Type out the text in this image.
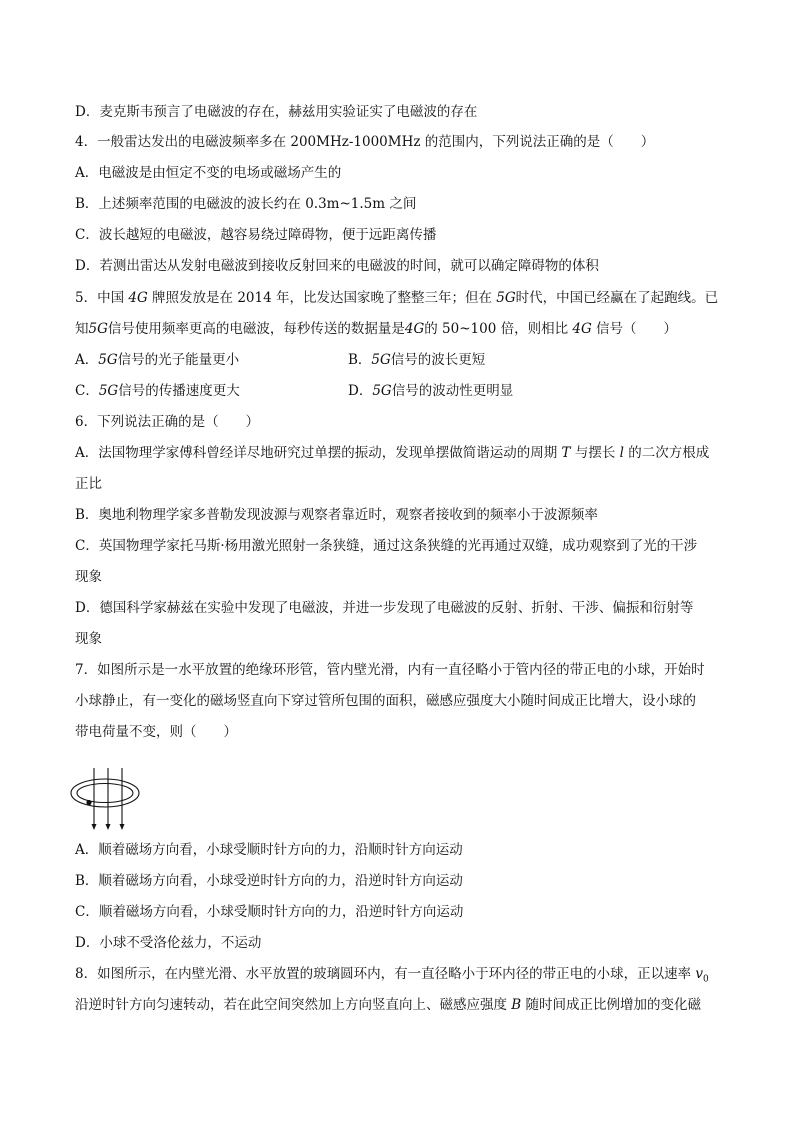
D．麦克斯韦预言了电磁波的存在，赫兹用实验证实了电磁波的存在
4．一般雷达发出的电磁波频率多在 200MHz-1000MHz 的范围内，下列说法正确的是（　　）
A．电磁波是由恒定不变的电场或磁场产生的
B．上述频率范围的电磁波的波长约在 0.3m~1.5m 之间
C．波长越短的电磁波，越容易绕过障碍物，便于远距离传播
D．若测出雷达从发射电磁波到接收反射回来的电磁波的时间，就可以确定障碍物的体积
5．中国 4G 牌照发放是在 2014 年，比发达国家晚了整整三年；但在 5G时代，中国已经赢在了起跑线。已
知5G信号使用频率更高的电磁波，每秒传送的数据量是4G的 50~100 倍，则相比 4G 信号（　　）
A．5G信号的光子能量更小	B．5G信号的波长更短
C．5G信号的传播速度更大	D．5G信号的波动性更明显
6．下列说法正确的是（　　）
A．法国物理学家傅科曾经详尽地研究过单摆的振动，发现单摆做简谐运动的周期 T 与摆长 l 的二次方根成
正比
B．奥地利物理学家多普勒发现波源与观察者靠近时，观察者接收到的频率小于波源频率
C．英国物理学家托马斯·杨用激光照射一条狭缝，通过这条狭缝的光再通过双缝，成功观察到了光的干涉
现象
D．德国科学家赫兹在实验中发现了电磁波，并进一步发现了电磁波的反射、折射、干涉、偏振和衍射等
现象
7．如图所示是一水平放置的绝缘环形管，管内壁光滑，内有一直径略小于管内径的带正电的小球，开始时
小球静止，有一变化的磁场竖直向下穿过管所包围的面积，磁感应强度大小随时间成正比增大，设小球的
带电荷量不变，则（　　）
A．顺着磁场方向看，小球受顺时针方向的力，沿顺时针方向运动
B．顺着磁场方向看，小球受逆时针方向的力，沿逆时针方向运动
C．顺着磁场方向看，小球受顺时针方向的力，沿逆时针方向运动
D．小球不受洛伦兹力，不运动
8．如图所示，在内壁光滑、水平放置的玻璃圆环内，有一直径略小于环内径的带正电的小球，正以速率 $v_0$
沿逆时针方向匀速转动，若在此空间突然加上方向竖直向上、磁感应强度 B 随时间成正比例增加的变化磁
